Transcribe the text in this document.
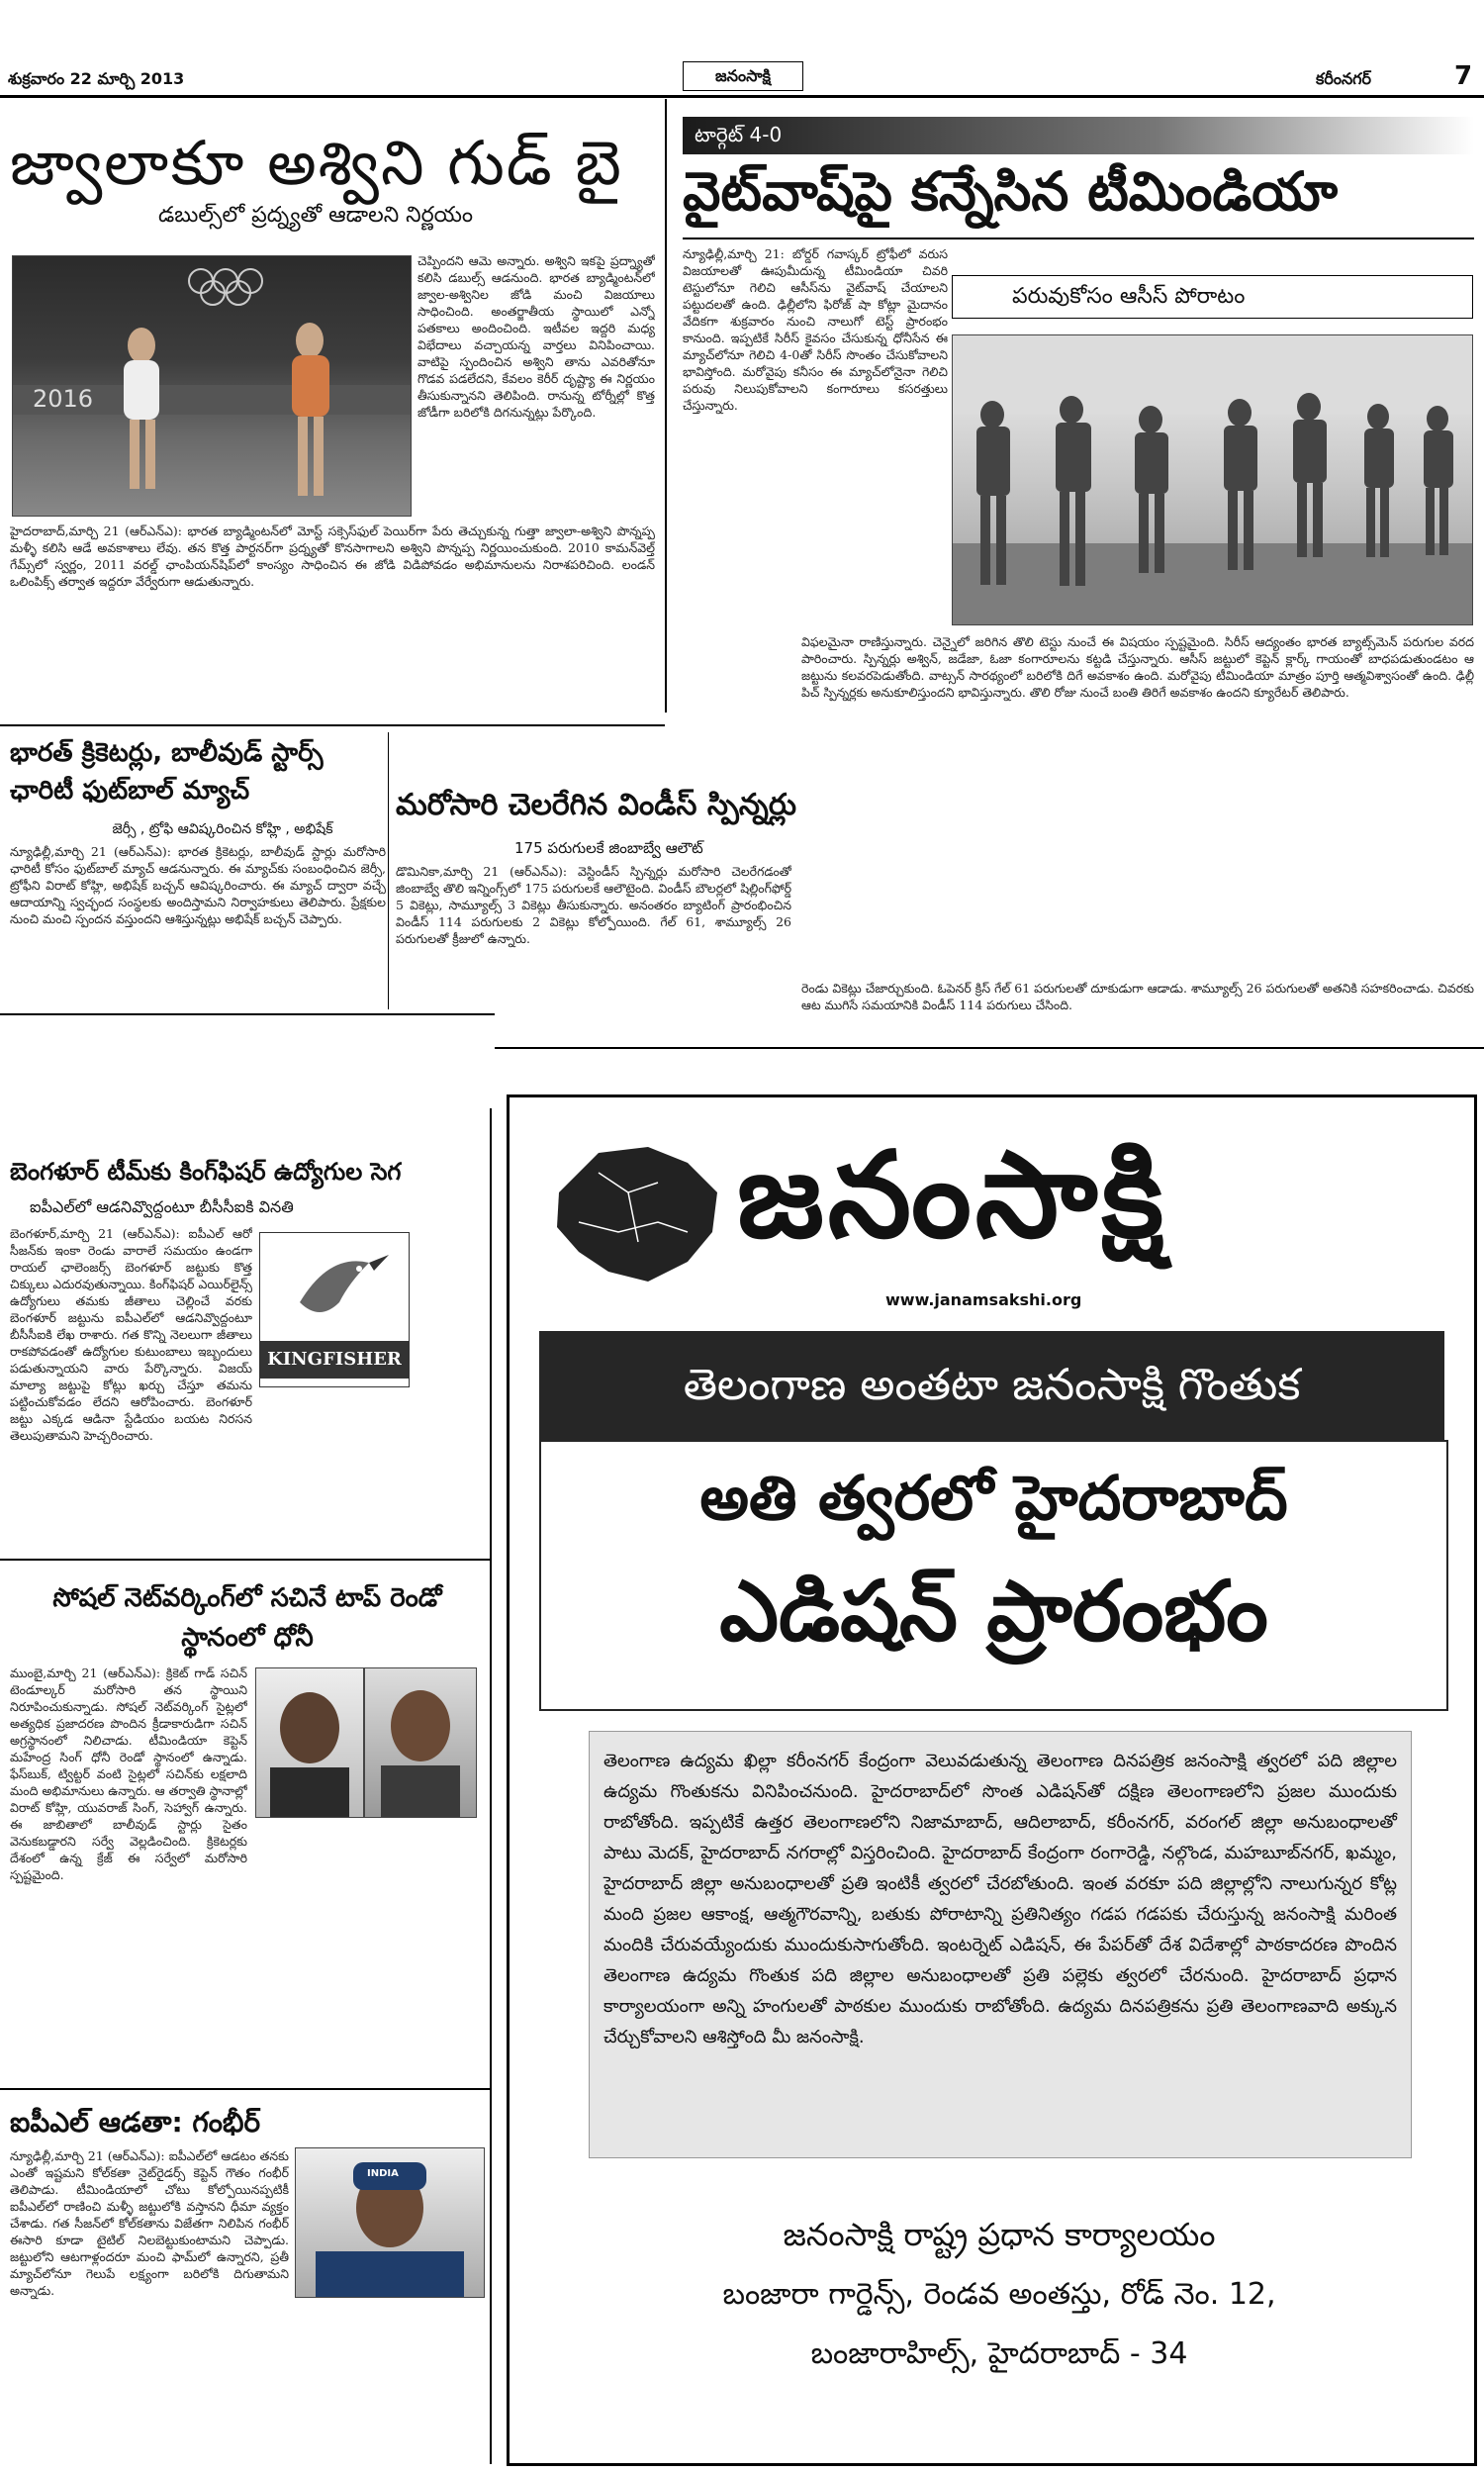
శుక్రవారం 22 మార్చి 2013	జనంసాక్షి	కరీంనగర్	7
జ్వాలాకూ అశ్విని గుడ్ బై
డబుల్స్‌లో ప్రద్న్యతో ఆడాలని నిర్ణయం
2016
చెప్పిందని ఆమె అన్నారు. అశ్విని ఇకపై ప్రద్న్యాతో కలిసి డబుల్స్ ఆడనుంది. భారత బ్యాడ్మింటన్‌లో జ్వాల-అశ్వినిల జోడి మంచి విజయాలు సాధించింది. అంతర్జాతీయ స్థాయిలో ఎన్నో పతకాలు అందించింది. ఇటీవల ఇద్దరి మధ్య విభేదాలు వచ్చాయన్న వార్తలు వినిపించాయి. వాటిపై స్పందించిన అశ్విని తాను ఎవరితోనూ గొడవ పడలేదని, కేవలం కెరీర్ దృష్ట్యా ఈ నిర్ణయం తీసుకున్నానని తెలిపింది. రానున్న టోర్నీల్లో కొత్త జోడీగా బరిలోకి దిగనున్నట్లు పేర్కొంది.
హైదరాబాద్,మార్చి 21 (ఆర్ఎన్ఎ): భారత బ్యాడ్మింటన్‌లో మోస్ట్ సక్సెస్‌ఫుల్ పెయిర్‌గా పేరు తెచ్చుకున్న గుత్తా జ్వాలా-అశ్విని పొన్నప్ప మళ్ళీ కలిసి ఆడే అవకాశాలు లేవు. తన కొత్త పార్టనర్‌గా ప్రద్న్యతో కొనసాగాలని అశ్విని పొన్నప్ప నిర్ణయించుకుంది. 2010 కామన్‌వెల్త్ గేమ్స్‌లో స్వర్ణం, 2011 వరల్డ్ ఛాంపియన్‌షిప్‌లో కాంస్యం సాధించిన ఈ జోడి విడిపోవడం అభిమానులను నిరాశపరిచింది. లండన్ ఒలింపిక్స్ తర్వాత ఇద్దరూ వేర్వేరుగా ఆడుతున్నారు.
టార్గెట్ 4-0
వైట్‌వాష్‌పై కన్నేసిన టీమిండియా
న్యూఢిల్లీ,మార్చి 21: బోర్డర్ గవాస్కర్ ట్రోఫీలో వరుస విజయాలతో ఊపుమీదున్న టీమిండియా చివరి టెస్టులోనూ గెలిచి ఆసీస్‌ను వైట్‌వాష్ చేయాలని పట్టుదలతో ఉంది. ఢిల్లీలోని ఫిరోజ్ షా కోట్లా మైదానం వేదికగా శుక్రవారం నుంచి నాలుగో టెస్ట్ ప్రారంభం కానుంది. ఇప్పటికే సిరీస్ కైవసం చేసుకున్న ధోనీసేన ఈ మ్యాచ్‌లోనూ గెలిచి 4-0తో సిరీస్ సొంతం చేసుకోవాలని భావిస్తోంది. మరోవైపు కనీసం ఈ మ్యాచ్‌లోనైనా గెలిచి పరువు నిలుపుకోవాలని కంగారూలు కసరత్తులు చేస్తున్నారు.
పరువుకోసం ఆసీస్ పోరాటం
విఫలమైనా రాణిస్తున్నారు. చెన్నైలో జరిగిన తొలి టెస్టు నుంచే ఈ విషయం స్పష్టమైంది. సిరీస్ ఆద్యంతం భారత బ్యాట్స్‌మెన్ పరుగుల వరద పారించారు. స్పిన్నర్లు అశ్విన్, జడేజా, ఓజా కంగారూలను కట్టడి చేస్తున్నారు. ఆసీస్ జట్టులో కెప్టెన్ క్లార్క్ గాయంతో బాధపడుతుండటం ఆ జట్టును కలవరపెడుతోంది. వాట్సన్ సారథ్యంలో బరిలోకి దిగే అవకాశం ఉంది. మరోవైపు టీమిండియా మాత్రం పూర్తి ఆత్మవిశ్వాసంతో ఉంది. ఢిల్లీ పిచ్ స్పిన్నర్లకు అనుకూలిస్తుందని భావిస్తున్నారు. తొలి రోజు నుంచే బంతి తిరిగే అవకాశం ఉందని క్యూరేటర్ తెలిపారు.
భారత్ క్రికెటర్లు, బాలీవుడ్ స్టార్స్ ఛారిటీ ఫుట్‌బాల్ మ్యాచ్
జెర్సీ , ట్రోఫి ఆవిష్కరించిన కోహ్లి , అభిషేక్
న్యూఢిల్లీ,మార్చి 21 (ఆర్ఎన్ఎ): భారత క్రికెటర్లు, బాలీవుడ్ స్టార్లు మరోసారి ఛారిటీ కోసం ఫుట్‌బాల్ మ్యాచ్ ఆడనున్నారు. ఈ మ్యాచ్‌కు సంబంధించిన జెర్సీ, ట్రోఫీని విరాట్ కోహ్లి, అభిషేక్ బచ్చన్ ఆవిష్కరించారు. ఈ మ్యాచ్ ద్వారా వచ్చే ఆదాయాన్ని స్వచ్ఛంద సంస్థలకు అందిస్తామని నిర్వాహకులు తెలిపారు. ప్రేక్షకుల నుంచి మంచి స్పందన వస్తుందని ఆశిస్తున్నట్లు అభిషేక్ బచ్చన్ చెప్పారు.
మరోసారి చెలరేగిన విండీస్ స్పిన్నర్లు
175 పరుగులకే జింబాబ్వే ఆలౌట్
డొమినికా,మార్చి 21 (ఆర్ఎన్ఎ): వెస్టిండీస్ స్పిన్నర్లు మరోసారి చెలరేగడంతో జింబాబ్వే తొలి ఇన్నింగ్స్‌లో 175 పరుగులకే ఆలౌటైంది. విండీస్ బౌలర్లలో షిల్లింగ్‌ఫోర్డ్ 5 వికెట్లు, సామ్యూల్స్ 3 వికెట్లు తీసుకున్నారు. అనంతరం బ్యాటింగ్ ప్రారంభించిన విండీస్ 114 పరుగులకు 2 వికెట్లు కోల్పోయింది. గేల్ 61, శామ్యూల్స్ 26 పరుగులతో క్రీజులో ఉన్నారు.
రెండు వికెట్లు చేజార్చుకుంది. ఓపెనర్ క్రిస్ గేల్ 61 పరుగులతో దూకుడుగా ఆడాడు. శామ్యూల్స్ 26 పరుగులతో అతనికి సహకరించాడు. చివరకు ఆట ముగిసే సమయానికి విండీస్ 114 పరుగులు చేసింది.
బెంగళూర్ టీమ్‌కు కింగ్‌ఫిషర్ ఉద్యోగుల సెగ
ఐపీఎల్‌లో ఆడనివ్వొద్దంటూ బీసీసీఐకి వినతి
KINGFISHER
బెంగళూర్,మార్చి 21 (ఆర్ఎన్ఎ): ఐపీఎల్ ఆరో సీజన్‌కు ఇంకా రెండు వారాలే సమయం ఉండగా రాయల్ ఛాలెంజర్స్ బెంగళూర్ జట్టుకు కొత్త చిక్కులు ఎదురవుతున్నాయి. కింగ్‌ఫిషర్ ఎయిర్‌లైన్స్ ఉద్యోగులు తమకు జీతాలు చెల్లించే వరకు బెంగళూర్ జట్టును ఐపీఎల్‌లో ఆడనివ్వొద్దంటూ బీసీసీఐకి లేఖ రాశారు. గత కొన్ని నెలలుగా జీతాలు రాకపోవడంతో ఉద్యోగుల కుటుంబాలు ఇబ్బందులు పడుతున్నాయని వారు పేర్కొన్నారు. విజయ్ మాల్యా జట్టుపై కోట్లు ఖర్చు చేస్తూ తమను పట్టించుకోవడం లేదని ఆరోపించారు. బెంగళూర్ జట్టు ఎక్కడ ఆడినా స్టేడియం బయట నిరసన తెలుపుతామని హెచ్చరించారు.
సోషల్ నెట్‌వర్కింగ్‌లో సచినే టాప్ రెండో స్థానంలో ధోనీ
ముంబై,మార్చి 21 (ఆర్ఎన్ఎ): క్రికెట్ గాడ్ సచిన్ టెండూల్కర్ మరోసారి తన స్థాయిని నిరూపించుకున్నాడు. సోషల్ నెట్‌వర్కింగ్ సైట్లలో అత్యధిక ప్రజాదరణ పొందిన క్రీడాకారుడిగా సచిన్ అగ్రస్థానంలో నిలిచాడు. టీమిండియా కెప్టెన్ మహేంద్ర సింగ్ ధోనీ రెండో స్థానంలో ఉన్నాడు. ఫేస్‌బుక్, ట్విట్టర్ వంటి సైట్లలో సచిన్‌కు లక్షలాది మంది అభిమానులు ఉన్నారు. ఆ తర్వాతి స్థానాల్లో విరాట్ కోహ్లి, యువరాజ్ సింగ్, సెహ్వాగ్ ఉన్నారు. ఈ జాబితాలో బాలీవుడ్ స్టార్లు సైతం వెనుకబడ్డారని సర్వే వెల్లడించింది. క్రికెటర్లకు దేశంలో ఉన్న క్రేజ్ ఈ సర్వేలో మరోసారి స్పష్టమైంది.
ఐపీఎల్ ఆడతా: గంభీర్
INDIA
న్యూఢిల్లీ,మార్చి 21 (ఆర్ఎన్ఎ): ఐపీఎల్‌లో ఆడటం తనకు ఎంతో ఇష్టమని కోల్‌కతా నైట్‌రైడర్స్ కెప్టెన్ గౌతం గంభీర్ తెలిపాడు. టీమిండియాలో చోటు కోల్పోయినప్పటికీ ఐపీఎల్‌లో రాణించి మళ్ళీ జట్టులోకి వస్తానని ధీమా వ్యక్తం చేశాడు. గత సీజన్‌లో కోల్‌కతాను విజేతగా నిలిపిన గంభీర్ ఈసారి కూడా టైటిల్ నిలబెట్టుకుంటామని చెప్పాడు. జట్టులోని ఆటగాళ్లందరూ మంచి ఫామ్‌లో ఉన్నారని, ప్రతీ మ్యాచ్‌లోనూ గెలుపే లక్ష్యంగా బరిలోకి దిగుతామని అన్నాడు.
జనంసాక్షి
www.janamsakshi.org
తెలంగాణ అంతటా జనంసాక్షి గొంతుక
అతి త్వరలో హైదరాబాద్
ఎడిషన్ ప్రారంభం
తెలంగాణ ఉద్యమ ఖిల్లా కరీంనగర్ కేంద్రంగా వెలువడుతున్న తెలంగాణ దినపత్రిక జనంసాక్షి త్వరలో పది జిల్లాల ఉద్యమ గొంతుకను వినిపించనుంది. హైదరాబాద్‌లో సొంత ఎడిషన్‌తో దక్షిణ తెలంగాణలోని ప్రజల ముందుకు రాబోతోంది. ఇప్పటికే ఉత్తర తెలంగాణలోని నిజామాబాద్, ఆదిలాబాద్, కరీంనగర్, వరంగల్ జిల్లా అనుబంధాలతో పాటు మెదక్, హైదరాబాద్ నగరాల్లో విస్తరించింది. హైదరాబాద్ కేంద్రంగా రంగారెడ్డి, నల్గొండ, మహబూబ్‌నగర్, ఖమ్మం, హైదరాబాద్ జిల్లా అనుబంధాలతో ప్రతి ఇంటికీ త్వరలో చేరబోతుంది. ఇంత వరకూ పది జిల్లాల్లోని నాలుగున్నర కోట్ల మంది ప్రజల ఆకాంక్ష, ఆత్మగౌరవాన్ని, బతుకు పోరాటాన్ని ప్రతినిత్యం గడప గడపకు చేరుస్తున్న జనంసాక్షి మరింత మందికి చేరువయ్యేందుకు ముందుకుసాగుతోంది. ఇంటర్నెట్ ఎడిషన్, ఈ పేపర్‌తో దేశ విదేశాల్లో పాఠకాదరణ పొందిన తెలంగాణ ఉద్యమ గొంతుక పది జిల్లాల అనుబంధాలతో ప్రతి పల్లెకు త్వరలో చేరనుంది. హైదరాబాద్ ప్రధాన కార్యాలయంగా అన్ని హంగులతో పాఠకుల ముందుకు రాబోతోంది. ఉద్యమ దినపత్రికను ప్రతి తెలంగాణవాది అక్కున చేర్చుకోవాలని ఆశిస్తోంది మీ జనంసాక్షి.
జనంసాక్షి రాష్ట్ర ప్రధాన కార్యాలయం
బంజారా గార్డెన్స్, రెండవ అంతస్తు, రోడ్ నెం. 12,
బంజారాహిల్స్, హైదరాబాద్ - 34
